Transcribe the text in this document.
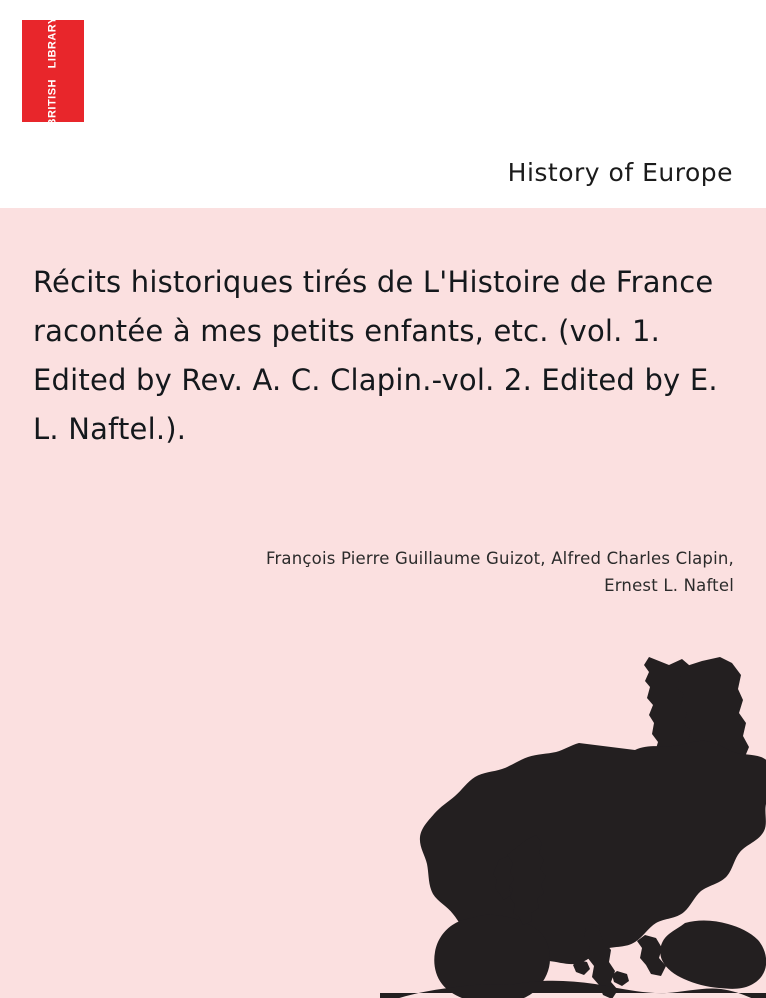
BRITISH   LIBRARY
History of Europe
Récits historiques tirés de L'Histoire de France racontée à mes petits enfants, etc. (vol. 1. Edited by Rev. A. C. Clapin.-vol. 2. Edited by E. L. Naftel.).
François Pierre Guillaume Guizot, Alfred Charles Clapin, Ernest L. Naftel
